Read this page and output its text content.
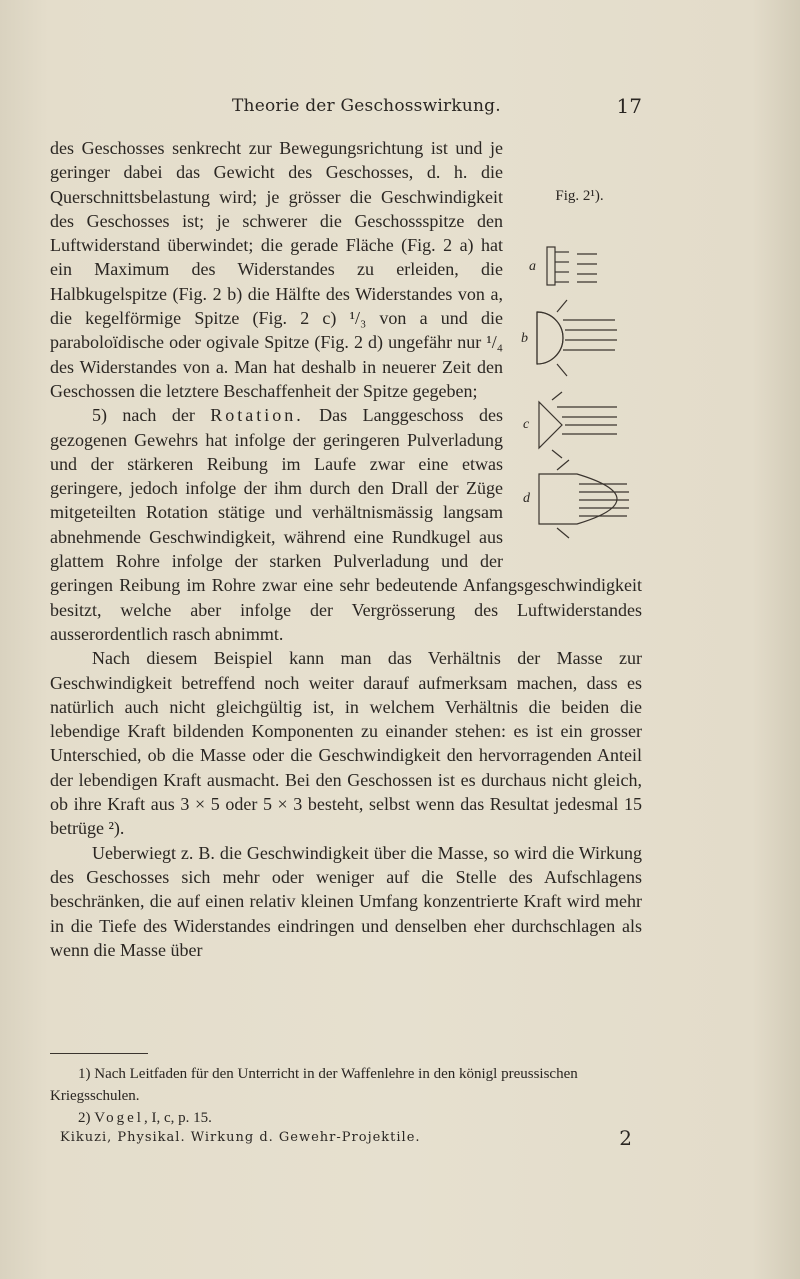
Theorie der Geschosswirkung.	17
Fig. 2¹).
a
b
c
d

des Geschosses senkrecht zur Bewegungsrichtung ist und je geringer dabei das Gewicht des Geschosses, d. h. die Querschnittsbelastung wird; je grösser die Geschwindigkeit des Geschosses ist; je schwerer die Geschossspitze den Luftwiderstand überwindet; die gerade Fläche (Fig. 2 a) hat ein Maximum des Widerstandes zu erleiden, die Halbkugelspitze (Fig. 2 b) die Hälfte des Widerstandes von a, die kegelförmige Spitze (Fig. 2 c) ¹/₃ von a und die paraboloïdische oder ogivale Spitze (Fig. 2 d) ungefähr nur ¹/₄ des Widerstandes von a. Man hat deshalb in neuerer Zeit den Geschossen die letztere Beschaffenheit der Spitze gegeben;

5) nach der Rotation. Das Langgeschoss des gezogenen Gewehrs hat infolge der geringeren Pulverladung und der stärkeren Reibung im Laufe zwar eine etwas geringere, jedoch infolge der ihm durch den Drall der Züge mitgeteilten Rotation stätige und verhältnismässig langsam abnehmende Geschwindigkeit, während eine Rundkugel aus glattem Rohre infolge der starken Pulverladung und der geringen Reibung im Rohre zwar eine sehr bedeutende Anfangsgeschwindigkeit besitzt, welche aber infolge der Vergrösserung des Luftwiderstandes ausserordentlich rasch abnimmt.

Nach diesem Beispiel kann man das Verhältnis der Masse zur Geschwindigkeit betreffend noch weiter darauf aufmerksam machen, dass es natürlich auch nicht gleichgültig ist, in welchem Verhältnis die beiden die lebendige Kraft bildenden Komponenten zu einander stehen: es ist ein grosser Unterschied, ob die Masse oder die Geschwindigkeit den hervorragenden Anteil der lebendigen Kraft ausmacht. Bei den Geschossen ist es durchaus nicht gleich, ob ihre Kraft aus 3 × 5 oder 5 × 3 besteht, selbst wenn das Resultat jedesmal 15 betrüge ²).

Ueberwiegt z. B. die Geschwindigkeit über die Masse, so wird die Wirkung des Geschosses sich mehr oder weniger auf die Stelle des Aufschlagens beschränken, die auf einen relativ kleinen Umfang konzentrierte Kraft wird mehr in die Tiefe des Widerstandes eindringen und denselben eher durchschlagen als wenn die Masse über

1) Nach Leitfaden für den Unterricht in der Waffenlehre in den königl preussischen Kriegsschulen.

2) Vogel, I, c, p. 15.

Kikuzi, Physikal. Wirkung d. Gewehr-Projektile.	2
